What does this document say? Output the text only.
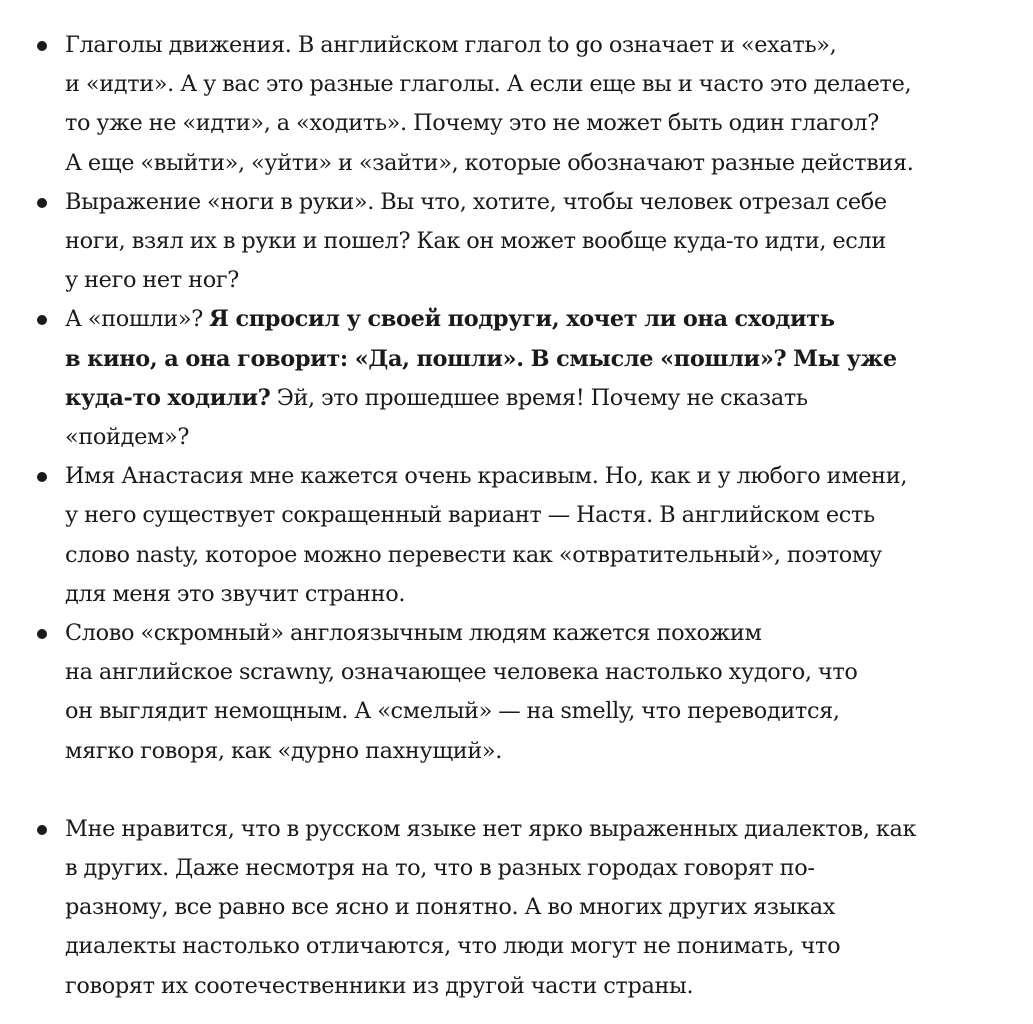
Глаголы движения. В английском глагол to go означает и «ехать»,
и «идти». А у вас это разные глаголы. А если еще вы и часто это делаете,
то уже не «идти», а «ходить». Почему это не может быть один глагол?
А еще «выйти», «уйти» и «зайти», которые обозначают разные действия.
Выражение «ноги в руки». Вы что, хотите, чтобы человек отрезал себе
ноги, взял их в руки и пошел? Как он может вообще куда-то идти, если
у него нет ног?
А «пошли»? Я спросил у своей подруги, хочет ли она сходить
в кино, а она говорит: «Да, пошли». В смысле «пошли»? Мы уже
куда-то ходили? Эй, это прошедшее время! Почему не сказать
«пойдем»?
Имя Анастасия мне кажется очень красивым. Но, как и у любого имени,
у него существует сокращенный вариант — Настя. В английском есть
слово nasty, которое можно перевести как «отвратительный», поэтому
для меня это звучит странно.
Слово «скромный» англоязычным людям кажется похожим
на английское scrawny, означающее человека настолько худого, что
он выглядит немощным. А «смелый» — на smelly, что переводится,
мягко говоря, как «дурно пахнущий».
Мне нравится, что в русском языке нет ярко выраженных диалектов, как
в других. Даже несмотря на то, что в разных городах говорят по-
разному, все равно все ясно и понятно. А во многих других языках
диалекты настолько отличаются, что люди могут не понимать, что
говорят их соотечественники из другой части страны.
